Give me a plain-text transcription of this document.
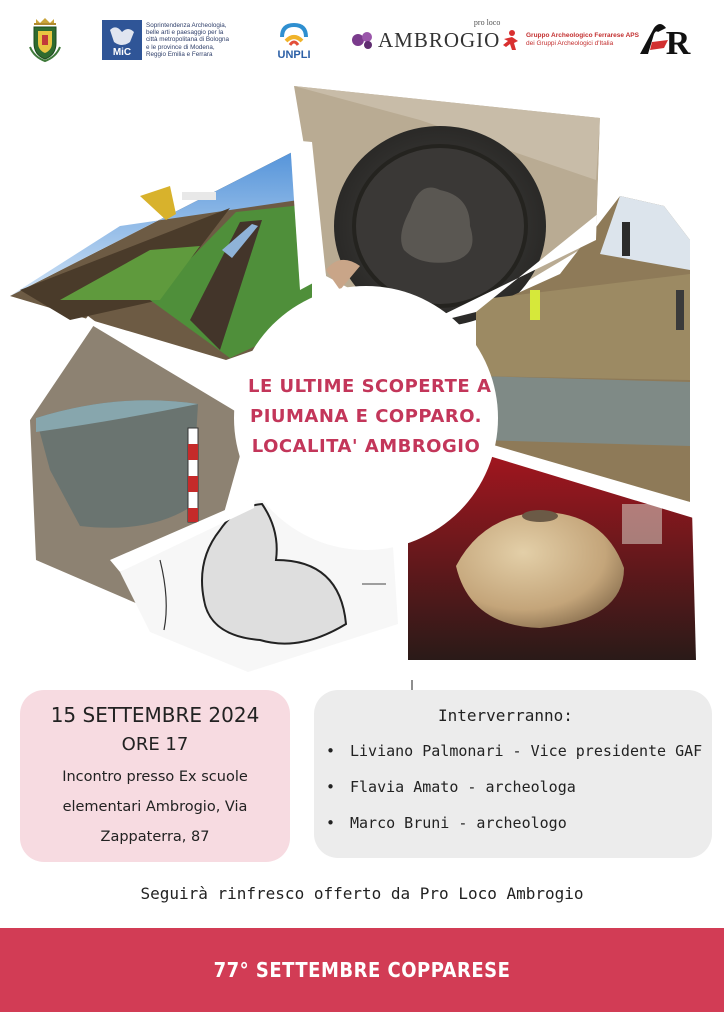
MiC
Soprintendenza Archeologia,
belle arti e paesaggio per la
città metropolitana di Bologna
e le province di Modena,
Reggio Emilia e Ferrara	UNPLI
pro loco
AMBROGIO	Gruppo Archeologico Ferrarese APS
dei Gruppi Archeologici d'Italia	R
LE ULTIME SCOPERTE A
PIUMANA E COPPARO.
LOCALITA' AMBROGIO
15 SETTEMBRE 2024
ORE 17
Incontro presso Ex scuole elementari Ambrogio, Via Zappaterra, 87
Interverranno:
• Liviano Palmonari - Vice presidente GAF
• Flavia Amato - archeologa
• Marco Bruni - archeologo
Seguirà rinfresco offerto da Pro Loco Ambrogio
77° SETTEMBRE COPPARESE
